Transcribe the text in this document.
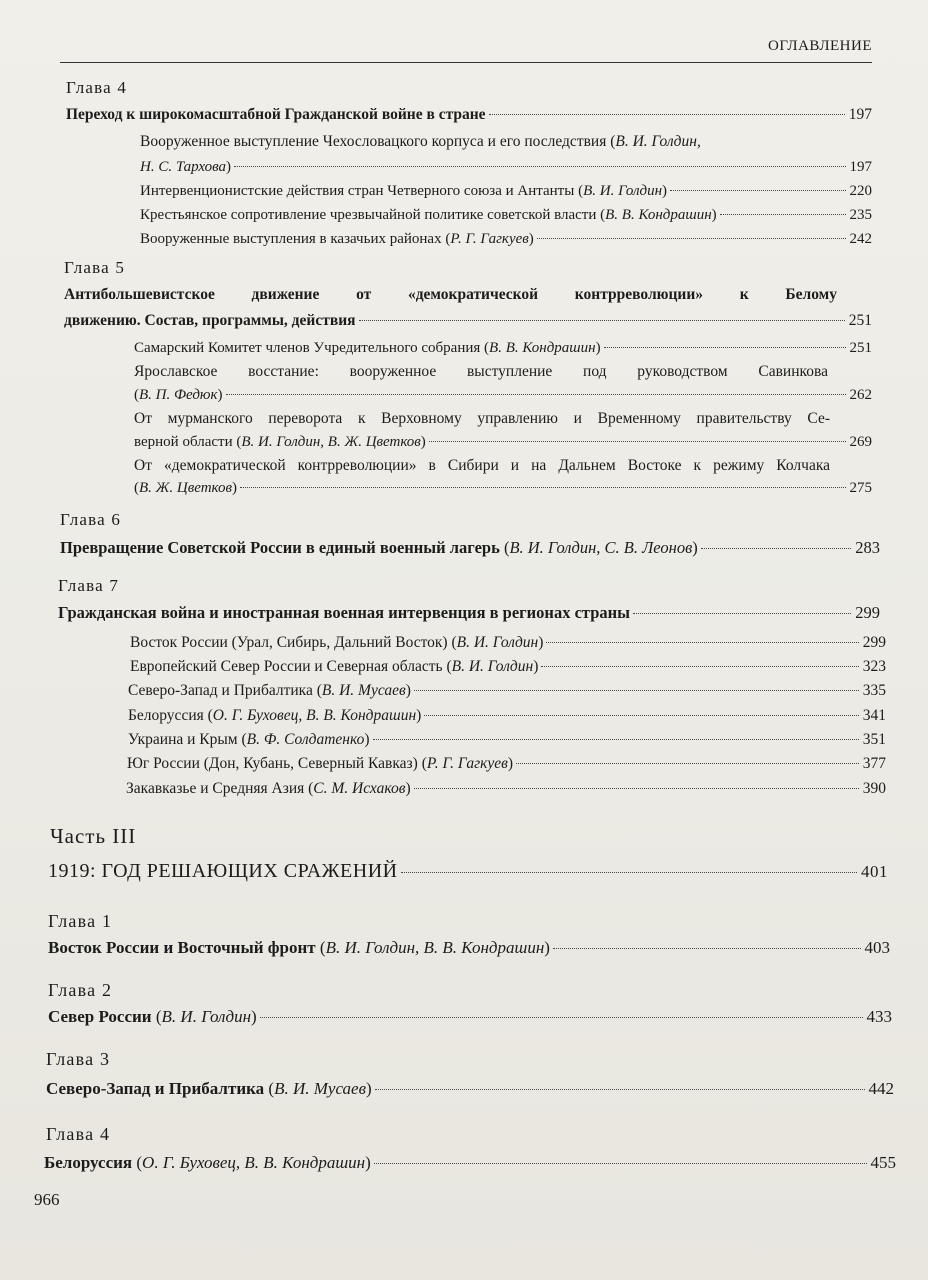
ОГЛАВЛЕНИЕ
Глава 4
Переход к широкомасштабной Гражданской войне в стране	197
Вооруженное выступление Чехословацкого корпуса и его последствия (В. И. Голдин,
Н. С. Тархова)	197
Интервенционистские действия стран Четверного союза и Антанты (В. И. Голдин)	220
Крестьянское сопротивление чрезвычайной политике советской власти (В. В. Кондрашин)	235
Вооруженные выступления в казачьих районах (Р. Г. Гагкуев)	242
Глава 5
Антибольшевистское движение от «демократической контрреволюции» к Белому
движению. Состав, программы, действия	251
Самарский Комитет членов Учредительного собрания (В. В. Кондрашин)	251
Ярославское восстание: вооруженное выступление под руководством Савинкова
(В. П. Федюк)	262
От мурманского переворота к Верховному управлению и Временному правительству Се-
верной области (В. И. Голдин, В. Ж. Цветков)	269
От «демократической контрреволюции» в Сибири и на Дальнем Востоке к режиму Колчака
(В. Ж. Цветков)	275
Глава 6
Превращение Советской России в единый военный лагерь (В. И. Голдин, С. В. Леонов)	283
Глава 7
Гражданская война и иностранная военная интервенция в регионах страны	299
Восток России (Урал, Сибирь, Дальний Восток) (В. И. Голдин)	299
Европейский Север России и Северная область (В. И. Голдин)	323
Северо-Запад и Прибалтика (В. И. Мусаев)	335
Белоруссия (О. Г. Буховец, В. В. Кондрашин)	341
Украина и Крым (В. Ф. Солдатенко)	351
Юг России (Дон, Кубань, Северный Кавказ) (Р. Г. Гагкуев)	377
Закавказье и Средняя Азия (С. М. Исхаков)	390
Часть III
1919: ГОД РЕШАЮЩИХ СРАЖЕНИЙ	401
Глава 1
Восток России и Восточный фронт (В. И. Голдин, В. В. Кондрашин)	403
Глава 2
Север России (В. И. Голдин)	433
Глава 3
Северо-Запад и Прибалтика (В. И. Мусаев)	442
Глава 4
Белоруссия (О. Г. Буховец, В. В. Кондрашин)	455
966
